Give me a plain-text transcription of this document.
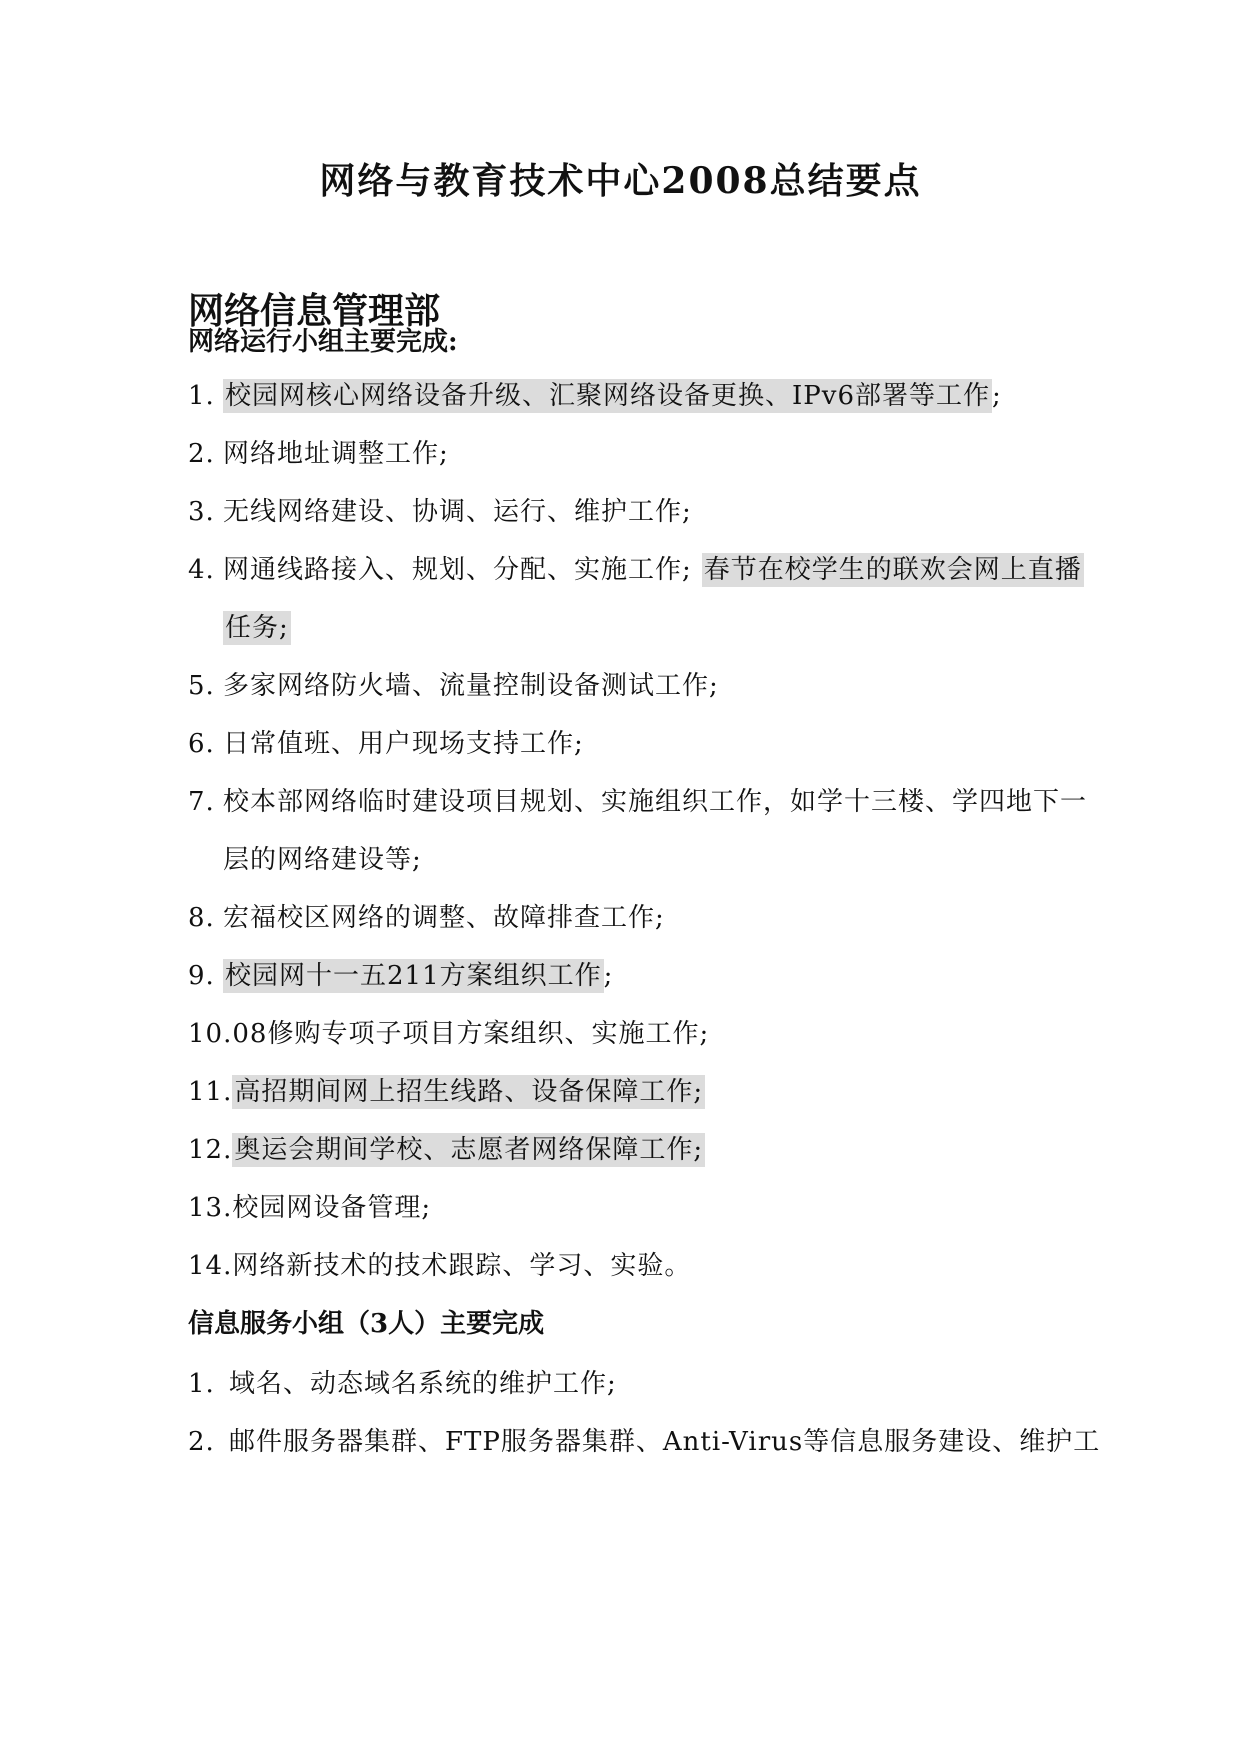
网络与教育技术中心2008总结要点
网络信息管理部
网络运行小组主要完成:
1. 校园网核心网络设备升级、汇聚网络设备更换、IPv6部署等工作;
2. 网络地址调整工作;
3. 无线网络建设、协调、运行、维护工作;
4. 网通线路接入、规划、分配、实施工作; 春节在校学生的联欢会网上直播
任务;
5. 多家网络防火墙、流量控制设备测试工作;
6. 日常值班、用户现场支持工作;
7. 校本部网络临时建设项目规划、实施组织工作，如学十三楼、学四地下一
层的网络建设等;
8. 宏福校区网络的调整、故障排查工作;
9. 校园网十一五211方案组织工作;
10.08修购专项子项目方案组织、实施工作;
11.高招期间网上招生线路、设备保障工作;
12.奥运会期间学校、志愿者网络保障工作;
13.校园网设备管理;
14.网络新技术的技术跟踪、学习、实验。
信息服务小组（3人）主要完成
1. 域名、动态域名系统的维护工作;
2. 邮件服务器集群、FTP服务器集群、Anti-Virus等信息服务建设、维护工
